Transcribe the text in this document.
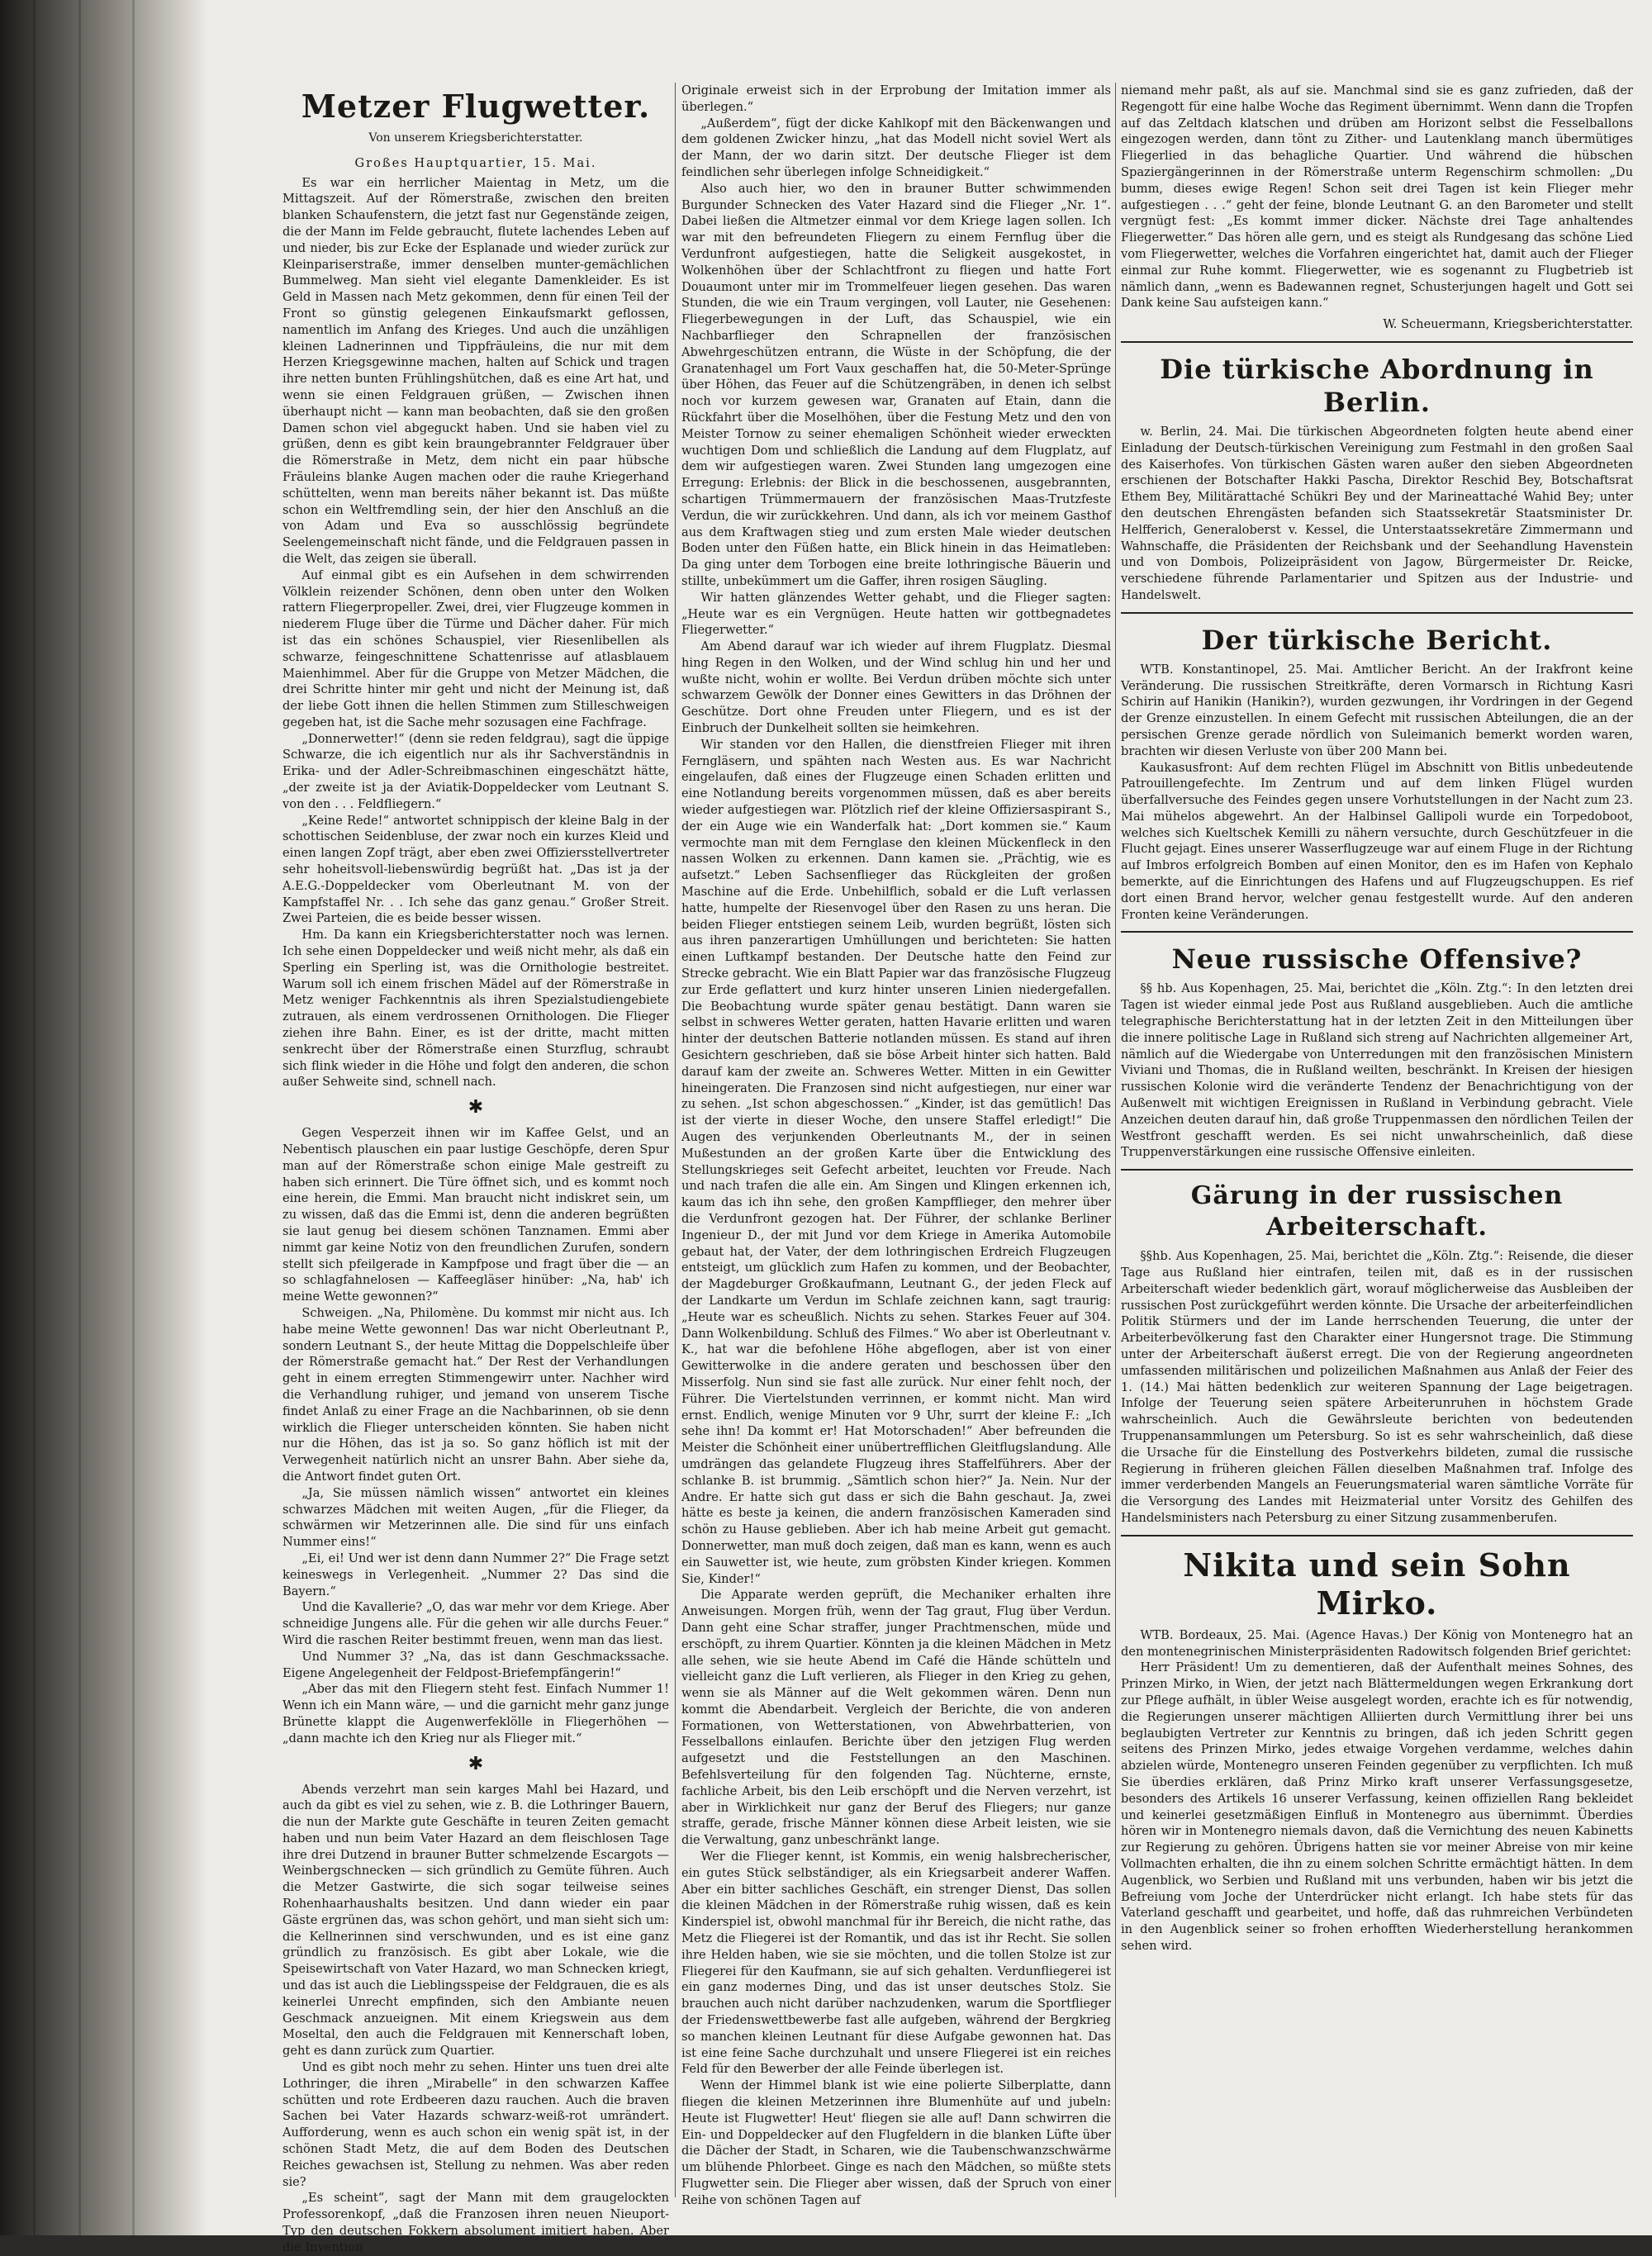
Metzer Flugwetter.
Von unserem Kriegsberichterstatter.
Großes Hauptquartier, 15. Mai.

Es war ein herrlicher Maientag in Metz, um die Mittagszeit. Auf der Römerstraße, zwischen den breiten blanken Schaufenstern, die jetzt fast nur Gegenstände zeigen, die der Mann im Felde gebraucht, flutete lachendes Leben auf und nieder, bis zur Ecke der Esplanade und wieder zurück zur Kleinpariserstraße, immer denselben munter-gemächlichen Bummelweg. Man sieht viel elegante Damenkleider. Es ist Geld in Massen nach Metz gekommen, denn für einen Teil der Front so günstig gelegenen Einkaufsmarkt geflossen, namentlich im Anfang des Krieges. Und auch die unzähligen kleinen Ladnerinnen und Tippfräuleins, die nur mit dem Herzen Kriegsgewinne machen, halten auf Schick und tragen ihre netten bunten Frühlingshütchen, daß es eine Art hat, und wenn sie einen Feldgrauen grüßen, — Zwischen ihnen überhaupt nicht — kann man beobachten, daß sie den großen Damen schon viel abgeguckt haben. Und sie haben viel zu grüßen, denn es gibt kein braungebrannter Feldgrauer über die Römerstraße in Metz, dem nicht ein paar hübsche Fräuleins blanke Augen machen oder die rauhe Kriegerhand schüttelten, wenn man bereits näher bekannt ist. Das müßte schon ein Weltfremdling sein, der hier den Anschluß an die von Adam und Eva so ausschlössig begründete Seelengemeinschaft nicht fände, und die Feldgrauen passen in die Welt, das zeigen sie überall.

Auf einmal gibt es ein Aufsehen in dem schwirrenden Völklein reizender Schönen, denn oben unter den Wolken rattern Fliegerpropeller. Zwei, drei, vier Flugzeuge kommen in niederem Fluge über die Türme und Dächer daher. Für mich ist das ein schönes Schauspiel, vier Riesenlibellen als schwarze, feingeschnittene Schattenrisse auf atlasblauem Maienhimmel. Aber für die Gruppe von Metzer Mädchen, die drei Schritte hinter mir geht und nicht der Meinung ist, daß der liebe Gott ihnen die hellen Stimmen zum Stilleschweigen gegeben hat, ist die Sache mehr sozusagen eine Fachfrage.

„Donnerwetter!“ (denn sie reden feldgrau), sagt die üppige Schwarze, die ich eigentlich nur als ihr Sachverständnis in Erika- und der Adler-Schreibmaschinen eingeschätzt hätte, „der zweite ist ja der Aviatik-Doppeldecker vom Leutnant S. von den . . . Feldfliegern.“

„Keine Rede!“ antwortet schnippisch der kleine Balg in der schottischen Seidenbluse, der zwar noch ein kurzes Kleid und einen langen Zopf trägt, aber eben zwei Offiziersstellvertreter sehr hoheitsvoll-liebenswürdig begrüßt hat. „Das ist ja der A.E.G.-Doppeldecker vom Oberleutnant M. von der Kampfstaffel Nr. . . Ich sehe das ganz genau.“ Großer Streit. Zwei Parteien, die es beide besser wissen.

Hm. Da kann ein Kriegsberichterstatter noch was lernen. Ich sehe einen Doppeldecker und weiß nicht mehr, als daß ein Sperling ein Sperling ist, was die Ornithologie bestreitet. Warum soll ich einem frischen Mädel auf der Römerstraße in Metz weniger Fachkenntnis als ihren Spezialstudiengebiete zutrauen, als einem verdrossenen Ornithologen. Die Flieger ziehen ihre Bahn. Einer, es ist der dritte, macht mitten senkrecht über der Römerstraße einen Sturzflug, schraubt sich flink wieder in die Höhe und folgt den anderen, die schon außer Sehweite sind, schnell nach.

✱

Gegen Vesperzeit ihnen wir im Kaffee Gelst, und an Nebentisch plauschen ein paar lustige Geschöpfe, deren Spur man auf der Römerstraße schon einige Male gestreift zu haben sich erinnert. Die Türe öffnet sich, und es kommt noch eine herein, die Emmi. Man braucht nicht indiskret sein, um zu wissen, daß das die Emmi ist, denn die anderen begrüßten sie laut genug bei diesem schönen Tanznamen. Emmi aber nimmt gar keine Notiz von den freundlichen Zurufen, sondern stellt sich pfeilgerade in Kampfpose und fragt über die — an so schlagfahnelosen — Kaffeegläser hinüber: „Na, hab' ich meine Wette gewonnen?“

Schweigen. „Na, Philomène. Du kommst mir nicht aus. Ich habe meine Wette gewonnen! Das war nicht Oberleutnant P., sondern Leutnant S., der heute Mittag die Doppelschleife über der Römerstraße gemacht hat.“ Der Rest der Verhandlungen geht in einem erregten Stimmengewirr unter. Nachher wird die Verhandlung ruhiger, und jemand von unserem Tische findet Anlaß zu einer Frage an die Nachbarinnen, ob sie denn wirklich die Flieger unterscheiden könnten. Sie haben nicht nur die Höhen, das ist ja so. So ganz höflich ist mit der Verwegenheit natürlich nicht an unsrer Bahn. Aber siehe da, die Antwort findet guten Ort.

„Ja, Sie müssen nämlich wissen“ antwortet ein kleines schwarzes Mädchen mit weiten Augen, „für die Flieger, da schwärmen wir Metzerinnen alle. Die sind für uns einfach Nummer eins!“

„Ei, ei! Und wer ist denn dann Nummer 2?“ Die Frage setzt keineswegs in Verlegenheit. „Nummer 2? Das sind die Bayern.“

Und die Kavallerie? „O, das war mehr vor dem Kriege. Aber schneidige Jungens alle. Für die gehen wir alle durchs Feuer.“ Wird die raschen Reiter bestimmt freuen, wenn man das liest.

Und Nummer 3? „Na, das ist dann Geschmackssache. Eigene Angelegenheit der Feldpost-Briefempfängerin!“

„Aber das mit den Fliegern steht fest. Einfach Nummer 1! Wenn ich ein Mann wäre, — und die garnicht mehr ganz junge Brünette klappt die Augenwerfeklölle in Fliegerhöhen — „dann machte ich den Krieg nur als Flieger mit.“

✱

Abends verzehrt man sein karges Mahl bei Hazard, und auch da gibt es viel zu sehen, wie z. B. die Lothringer Bauern, die nun der Markte gute Geschäfte in teuren Zeiten gemacht haben und nun beim Vater Hazard an dem fleischlosen Tage ihre drei Dutzend in brauner Butter schmelzende Escargots — Weinbergschnecken — sich gründlich zu Gemüte führen. Auch die Metzer Gastwirte, die sich sogar teilweise seines Rohenhaarhaushalts besitzen. Und dann wieder ein paar Gäste ergrünen das, was schon gehört, und man sieht sich um: die Kellnerinnen sind verschwunden, und es ist eine ganz gründlich zu französisch. Es gibt aber Lokale, wie die Speisewirtschaft von Vater Hazard, wo man Schnecken kriegt, und das ist auch die Lieblingsspeise der Feldgrauen, die es als keinerlei Unrecht empfinden, sich den Ambiante neuen Geschmack anzueignen. Mit einem Kriegswein aus dem Moseltal, den auch die Feldgrauen mit Kennerschaft loben, geht es dann zurück zum Quartier.

Und es gibt noch mehr zu sehen. Hinter uns tuen drei alte Lothringer, die ihren „Mirabelle“ in den schwarzen Kaffee schütten und rote Erdbeeren dazu rauchen. Auch die braven Sachen bei Vater Hazards schwarz-weiß-rot umrändert. Aufforderung, wenn es auch schon ein wenig spät ist, in der schönen Stadt Metz, die auf dem Boden des Deutschen Reiches gewachsen ist, Stellung zu nehmen. Was aber reden sie?

„Es scheint“, sagt der Mann mit dem graugelockten Professorenkopf, „daß die Franzosen ihren neuen Nieuport-Typ den deutschen Fokkern absolument imitiert haben. Aber die Invention

Originale erweist sich in der Erprobung der Imitation immer als überlegen.“

„Außerdem“, fügt der dicke Kahlkopf mit den Bäckenwangen und dem goldenen Zwicker hinzu, „hat das Modell nicht soviel Wert als der Mann, der wo darin sitzt. Der deutsche Flieger ist dem feindlichen sehr überlegen infolge Schneidigkeit.“

Also auch hier, wo den in brauner Butter schwimmenden Burgunder Schnecken des Vater Hazard sind die Flieger „Nr. 1“. Dabei ließen die Altmetzer einmal vor dem Kriege lagen sollen. Ich war mit den befreundeten Fliegern zu einem Fernflug über die Verdunfront aufgestiegen, hatte die Seligkeit ausgekostet, in Wolkenhöhen über der Schlachtfront zu fliegen und hatte Fort Douaumont unter mir im Trommelfeuer liegen gesehen. Das waren Stunden, die wie ein Traum vergingen, voll Lauter, nie Gesehenen: Fliegerbewegungen in der Luft, das Schauspiel, wie ein Nachbarflieger den Schrapnellen der französischen Abwehrgeschützen entrann, die Wüste in der Schöpfung, die der Granatenhagel um Fort Vaux geschaffen hat, die 50-Meter-Sprünge über Höhen, das Feuer auf die Schützengräben, in denen ich selbst noch vor kurzem gewesen war, Granaten auf Etain, dann die Rückfahrt über die Moselhöhen, über die Festung Metz und den von Meister Tornow zu seiner ehemaligen Schönheit wieder erweckten wuchtigen Dom und schließlich die Landung auf dem Flugplatz, auf dem wir aufgestiegen waren. Zwei Stunden lang umgezogen eine Erregung: Erlebnis: der Blick in die beschossenen, ausgebrannten, schartigen Trümmermauern der französischen Maas-Trutzfeste Verdun, die wir zurückkehren. Und dann, als ich vor meinem Gasthof aus dem Kraftwagen stieg und zum ersten Male wieder deutschen Boden unter den Füßen hatte, ein Blick hinein in das Heimatleben: Da ging unter dem Torbogen eine breite lothringische Bäuerin und stillte, unbekümmert um die Gaffer, ihren rosigen Säugling.

Wir hatten glänzendes Wetter gehabt, und die Flieger sagten: „Heute war es ein Vergnügen. Heute hatten wir gottbegnadetes Fliegerwetter.“

Am Abend darauf war ich wieder auf ihrem Flugplatz. Diesmal hing Regen in den Wolken, und der Wind schlug hin und her und wußte nicht, wohin er wollte. Bei Verdun drüben möchte sich unter schwarzem Gewölk der Donner eines Gewitters in das Dröhnen der Geschütze. Dort ohne Freuden unter Fliegern, und es ist der Einbruch der Dunkelheit sollten sie heimkehren.

Wir standen vor den Hallen, die dienstfreien Flieger mit ihren Ferngläsern, und spähten nach Westen aus. Es war Nachricht eingelaufen, daß eines der Flugzeuge einen Schaden erlitten und eine Notlandung bereits vorgenommen müssen, daß es aber bereits wieder aufgestiegen war. Plötzlich rief der kleine Offiziersaspirant S., der ein Auge wie ein Wanderfalk hat: „Dort kommen sie.“ Kaum vermochte man mit dem Fernglase den kleinen Mückenfleck in den nassen Wolken zu erkennen. Dann kamen sie. „Prächtig, wie es aufsetzt.“ Leben Sachsenflieger das Rückgleiten der großen Maschine auf die Erde. Unbehilflich, sobald er die Luft verlassen hatte, humpelte der Riesenvogel über den Rasen zu uns heran. Die beiden Flieger entstiegen seinem Leib, wurden begrüßt, lösten sich aus ihren panzerartigen Umhüllungen und berichteten: Sie hatten einen Luftkampf bestanden. Der Deutsche hatte den Feind zur Strecke gebracht. Wie ein Blatt Papier war das französische Flugzeug zur Erde geflattert und kurz hinter unseren Linien niedergefallen. Die Beobachtung wurde später genau bestätigt. Dann waren sie selbst in schweres Wetter geraten, hatten Havarie erlitten und waren hinter der deutschen Batterie notlanden müssen. Es stand auf ihren Gesichtern geschrieben, daß sie böse Arbeit hinter sich hatten. Bald darauf kam der zweite an. Schweres Wetter. Mitten in ein Gewitter hineingeraten. Die Franzosen sind nicht aufgestiegen, nur einer war zu sehen. „Ist schon abgeschossen.“ „Kinder, ist das gemütlich! Das ist der vierte in dieser Woche, den unsere Staffel erledigt!“ Die Augen des verjunkenden Oberleutnants M., der in seinen Mußestunden an der großen Karte über die Entwicklung des Stellungskrieges seit Gefecht arbeitet, leuchten vor Freude. Nach und nach trafen die alle ein. Am Singen und Klingen erkennen ich, kaum das ich ihn sehe, den großen Kampfflieger, den mehrer über die Verdunfront gezogen hat. Der Führer, der schlanke Berliner Ingenieur D., der mit Jund vor dem Kriege in Amerika Automobile gebaut hat, der Vater, der dem lothringischen Erdreich Flugzeugen entsteigt, um glücklich zum Hafen zu kommen, und der Beobachter, der Magdeburger Großkaufmann, Leutnant G., der jeden Fleck auf der Landkarte um Verdun im Schlafe zeichnen kann, sagt traurig: „Heute war es scheußlich. Nichts zu sehen. Starkes Feuer auf 304. Dann Wolkenbildung. Schluß des Filmes.“ Wo aber ist Oberleutnant v. K., hat war die befohlene Höhe abgeflogen, aber ist von einer Gewitterwolke in die andere geraten und beschossen über den Misserfolg. Nun sind sie fast alle zurück. Nur einer fehlt noch, der Führer. Die Viertelstunden verrinnen, er kommt nicht. Man wird ernst. Endlich, wenige Minuten vor 9 Uhr, surrt der kleine F.: „Ich sehe ihn! Da kommt er! Hat Motorschaden!“ Aber befreunden die Meister die Schönheit einer unübertrefflichen Gleitflugslandung. Alle umdrängen das gelandete Flugzeug ihres Staffelführers. Aber der schlanke B. ist brummig. „Sämtlich schon hier?“ Ja. Nein. Nur der Andre. Er hatte sich gut dass er sich die Bahn geschaut. Ja, zwei hätte es beste ja keinen, die andern französischen Kameraden sind schön zu Hause geblieben. Aber ich hab meine Arbeit gut gemacht. Donnerwetter, man muß doch zeigen, daß man es kann, wenn es auch ein Sauwetter ist, wie heute, zum gröbsten Kinder kriegen. Kommen Sie, Kinder!“

Die Apparate werden geprüft, die Mechaniker erhalten ihre Anweisungen. Morgen früh, wenn der Tag graut, Flug über Verdun. Dann geht eine Schar straffer, junger Prachtmenschen, müde und erschöpft, zu ihrem Quartier. Könnten ja die kleinen Mädchen in Metz alle sehen, wie sie heute Abend im Café die Hände schütteln und vielleicht ganz die Luft verlieren, als Flieger in den Krieg zu gehen, wenn sie als Männer auf die Welt gekommen wären. Denn nun kommt die Abendarbeit. Vergleich der Berichte, die von anderen Formationen, von Wetterstationen, von Abwehrbatterien, von Fesselballons einlaufen. Berichte über den jetzigen Flug werden aufgesetzt und die Feststellungen an den Maschinen. Befehlsverteilung für den folgenden Tag. Nüchterne, ernste, fachliche Arbeit, bis den Leib erschöpft und die Nerven verzehrt, ist aber in Wirklichkeit nur ganz der Beruf des Fliegers; nur ganze straffe, gerade, frische Männer können diese Arbeit leisten, wie sie die Verwaltung, ganz unbeschränkt lange.

Wer die Flieger kennt, ist Kommis, ein wenig halsbrecherischer, ein gutes Stück selbständiger, als ein Kriegsarbeit anderer Waffen. Aber ein bitter sachliches Geschäft, ein strenger Dienst, Das sollen die kleinen Mädchen in der Römerstraße ruhig wissen, daß es kein Kinderspiel ist, obwohl manchmal für ihr Bereich, die nicht rathe, das Metz die Fliegerei ist der Romantik, und das ist ihr Recht. Sie sollen ihre Helden haben, wie sie sie möchten, und die tollen Stolze ist zur Fliegerei für den Kaufmann, sie auf sich gehalten. Verdunfliegerei ist ein ganz modernes Ding, und das ist unser deutsches Stolz. Sie brauchen auch nicht darüber nachzudenken, warum die Sportflieger der Friedenswettbewerbe fast alle aufgeben, während der Bergkrieg so manchen kleinen Leutnant für diese Aufgabe gewonnen hat. Das ist eine feine Sache durchzuhalt und unsere Fliegerei ist ein reiches Feld für den Bewerber der alle Feinde überlegen ist.

Wenn der Himmel blank ist wie eine polierte Silberplatte, dann fliegen die kleinen Metzerinnen ihre Blumenhüte auf und jubeln: Heute ist Flugwetter! Heut' fliegen sie alle auf! Dann schwirren die Ein- und Doppeldecker auf den Flugfeldern in die blanken Lüfte über die Dächer der Stadt, in Scharen, wie die Taubenschwanzschwärme um blühende Phlorbeet. Ginge es nach den Mädchen, so müßte stets Flugwetter sein. Die Flieger aber wissen, daß der Spruch von einer Reihe von schönen Tagen auf

niemand mehr paßt, als auf sie. Manchmal sind sie es ganz zufrieden, daß der Regengott für eine halbe Woche das Regiment übernimmt. Wenn dann die Tropfen auf das Zeltdach klatschen und drüben am Horizont selbst die Fesselballons eingezogen werden, dann tönt zu Zither- und Lautenklang manch übermütiges Fliegerlied in das behagliche Quartier. Und während die hübschen Spaziergängerinnen in der Römerstraße unterm Regenschirm schmollen: „Du bumm, dieses ewige Regen! Schon seit drei Tagen ist kein Flieger mehr aufgestiegen . . .“ geht der feine, blonde Leutnant G. an den Barometer und stellt vergnügt fest: „Es kommt immer dicker. Nächste drei Tage anhaltendes Fliegerwetter.“ Das hören alle gern, und es steigt als Rundgesang das schöne Lied vom Fliegerwetter, welches die Vorfahren eingerichtet hat, damit auch der Flieger einmal zur Ruhe kommt. Fliegerwetter, wie es sogenannt zu Flugbetrieb ist nämlich dann, „wenn es Badewannen regnet, Schusterjungen hagelt und Gott sei Dank keine Sau aufsteigen kann.“

W. Scheuermann, Kriegsberichterstatter.
Die türkische Abordnung in Berlin.

w. Berlin, 24. Mai. Die türkischen Abgeordneten folgten heute abend einer Einladung der Deutsch-türkischen Vereinigung zum Festmahl in den großen Saal des Kaiserhofes. Von türkischen Gästen waren außer den sieben Abgeordneten erschienen der Botschafter Hakki Pascha, Direktor Reschid Bey, Botschaftsrat Ethem Bey, Militärattaché Schükri Bey und der Marineattaché Wahid Bey; unter den deutschen Ehrengästen befanden sich Staatssekretär Staatsminister Dr. Helfferich, Generaloberst v. Kessel, die Unterstaatssekretäre Zimmermann und Wahnschaffe, die Präsidenten der Reichsbank und der Seehandlung Havenstein und von Dombois, Polizeipräsident von Jagow, Bürgermeister Dr. Reicke, verschiedene führende Parlamentarier und Spitzen aus der Industrie- und Handelswelt.

Der türkische Bericht.

WTB. Konstantinopel, 25. Mai. Amtlicher Bericht. An der Irakfront keine Veränderung. Die russischen Streitkräfte, deren Vormarsch in Richtung Kasri Schirin auf Hanikin (Hanikin?), wurden gezwungen, ihr Vordringen in der Gegend der Grenze einzustellen. In einem Gefecht mit russischen Abteilungen, die an der persischen Grenze gerade nördlich von Suleimanich bemerkt worden waren, brachten wir diesen Verluste von über 200 Mann bei.

Kaukasusfront: Auf dem rechten Flügel im Abschnitt von Bitlis unbedeutende Patrouillengefechte. Im Zentrum und auf dem linken Flügel wurden überfallversuche des Feindes gegen unsere Vorhutstellungen in der Nacht zum 23. Mai mühelos abgewehrt. An der Halbinsel Gallipoli wurde ein Torpedoboot, welches sich Kueltschek Kemilli zu nähern versuchte, durch Geschützfeuer in die Flucht gejagt. Eines unserer Wasserflugzeuge war auf einem Fluge in der Richtung auf Imbros erfolgreich Bomben auf einen Monitor, den es im Hafen von Kephalo bemerkte, auf die Einrichtungen des Hafens und auf Flugzeugschuppen. Es rief dort einen Brand hervor, welcher genau festgestellt wurde. Auf den anderen Fronten keine Veränderungen.

Neue russische Offensive?

§§ hb. Aus Kopenhagen, 25. Mai, berichtet die „Köln. Ztg.“: In den letzten drei Tagen ist wieder einmal jede Post aus Rußland ausgeblieben. Auch die amtliche telegraphische Berichterstattung hat in der letzten Zeit in den Mitteilungen über die innere politische Lage in Rußland sich streng auf Nachrichten allgemeiner Art, nämlich auf die Wiedergabe von Unterredungen mit den französischen Ministern Viviani und Thomas, die in Rußland weilten, beschränkt. In Kreisen der hiesigen russischen Kolonie wird die veränderte Tendenz der Benachrichtigung von der Außenwelt mit wichtigen Ereignissen in Rußland in Verbindung gebracht. Viele Anzeichen deuten darauf hin, daß große Truppenmassen den nördlichen Teilen der Westfront geschafft werden. Es sei nicht unwahrscheinlich, daß diese Truppenverstärkungen eine russische Offensive einleiten.

Gärung in der russischen Arbeiterschaft.

§§hb. Aus Kopenhagen, 25. Mai, berichtet die „Köln. Ztg.“: Reisende, die dieser Tage aus Rußland hier eintrafen, teilen mit, daß es in der russischen Arbeiterschaft wieder bedenklich gärt, worauf möglicherweise das Ausbleiben der russischen Post zurückgeführt werden könnte. Die Ursache der arbeiterfeindlichen Politik Stürmers und der im Lande herrschenden Teuerung, die unter der Arbeiterbevölkerung fast den Charakter einer Hungersnot trage. Die Stimmung unter der Arbeiterschaft äußerst erregt. Die von der Regierung angeordneten umfassenden militärischen und polizeilichen Maßnahmen aus Anlaß der Feier des 1. (14.) Mai hätten bedenklich zur weiteren Spannung der Lage beigetragen. Infolge der Teuerung seien spätere Arbeiterunruhen in höchstem Grade wahrscheinlich. Auch die Gewährsleute berichten von bedeutenden Truppenansammlungen um Petersburg. So ist es sehr wahrscheinlich, daß diese die Ursache für die Einstellung des Postverkehrs bildeten, zumal die russische Regierung in früheren gleichen Fällen dieselben Maßnahmen traf. Infolge des immer verderbenden Mangels an Feuerungsmaterial waren sämtliche Vorräte für die Versorgung des Landes mit Heizmaterial unter Vorsitz des Gehilfen des Handelsministers nach Petersburg zu einer Sitzung zusammenberufen.

Nikita und sein Sohn Mirko.

WTB. Bordeaux, 25. Mai. (Agence Havas.) Der König von Montenegro hat an den montenegrinischen Ministerpräsidenten Radowitsch folgenden Brief gerichtet:

Herr Präsident! Um zu dementieren, daß der Aufenthalt meines Sohnes, des Prinzen Mirko, in Wien, der jetzt nach Blättermeldungen wegen Erkrankung dort zur Pflege aufhält, in übler Weise ausgelegt worden, erachte ich es für notwendig, die Regierungen unserer mächtigen Alliierten durch Vermittlung ihrer bei uns beglaubigten Vertreter zur Kenntnis zu bringen, daß ich jeden Schritt gegen seitens des Prinzen Mirko, jedes etwaige Vorgehen verdamme, welches dahin abzielen würde, Montenegro unseren Feinden gegenüber zu verpflichten. Ich muß Sie überdies erklären, daß Prinz Mirko kraft unserer Verfassungsgesetze, besonders des Artikels 16 unserer Verfassung, keinen offiziellen Rang bekleidet und keinerlei gesetzmäßigen Einfluß in Montenegro aus übernimmt. Überdies hören wir in Montenegro niemals davon, daß die Vernichtung des neuen Kabinetts zur Regierung zu gehören. Übrigens hatten sie vor meiner Abreise von mir keine Vollmachten erhalten, die ihn zu einem solchen Schritte ermächtigt hätten. In dem Augenblick, wo Serbien und Rußland mit uns verbunden, haben wir bis jetzt die Befreiung vom Joche der Unterdrücker nicht erlangt. Ich habe stets für das Vaterland geschafft und gearbeitet, und hoffe, daß das ruhmreichen Verbündeten in den Augenblick seiner so frohen erhofften Wiederherstellung herankommen sehen wird.
